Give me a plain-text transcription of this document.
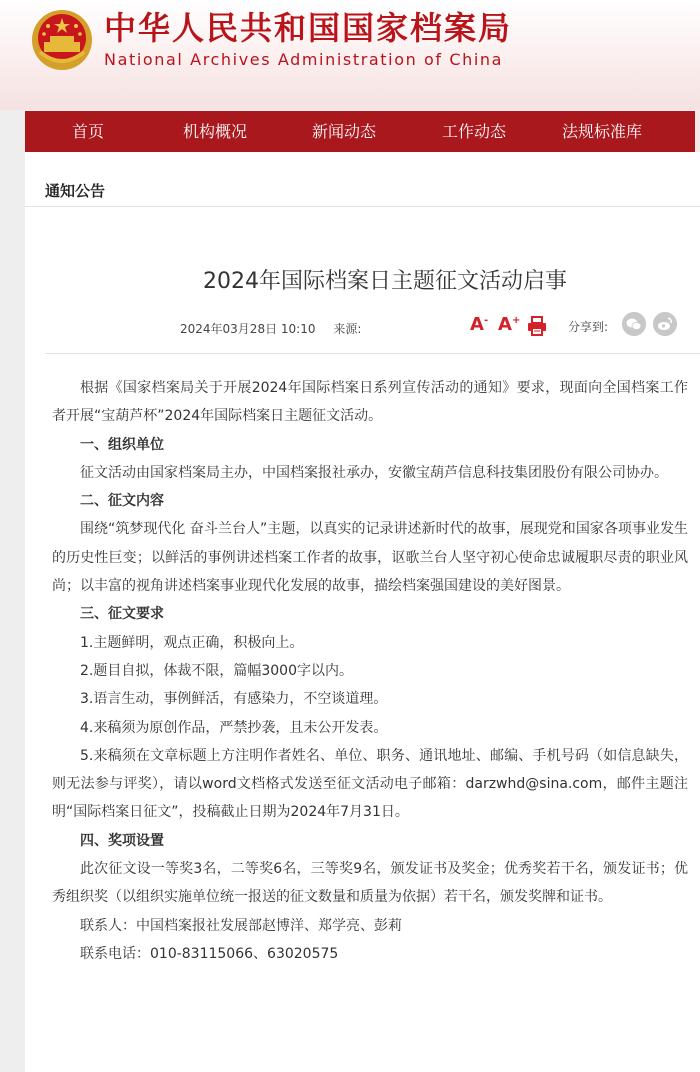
中华人民共和国国家档案局
National Archives Administration of China
首页	机构概况	新闻动态	工作动态	法规标准库
通知公告
2024年国际档案日主题征文活动启事
2024年03月28日 10:10 来源:	A- A+	分享到:

根据《国家档案局关于开展2024年国际档案日系列宣传活动的通知》要求，现面向全国档案工作者开展“宝葫芦杯”2024年国际档案日主题征文活动。

一、组织单位

征文活动由国家档案局主办，中国档案报社承办，安徽宝葫芦信息科技集团股份有限公司协办。

二、征文内容

围绕“筑梦现代化 奋斗兰台人”主题，以真实的记录讲述新时代的故事，展现党和国家各项事业发生的历史性巨变；以鲜活的事例讲述档案工作者的故事，讴歌兰台人坚守初心使命忠诚履职尽责的职业风尚；以丰富的视角讲述档案事业现代化发展的故事，描绘档案强国建设的美好图景。

三、征文要求

1.主题鲜明，观点正确，积极向上。

2.题目自拟，体裁不限，篇幅3000字以内。

3.语言生动，事例鲜活，有感染力，不空谈道理。

4.来稿须为原创作品，严禁抄袭，且未公开发表。

5.来稿须在文章标题上方注明作者姓名、单位、职务、通讯地址、邮编、手机号码（如信息缺失，则无法参与评奖），请以word文档格式发送至征文活动电子邮箱：darzwhd@sina.com，邮件主题注明“国际档案日征文”，投稿截止日期为2024年7月31日。

四、奖项设置

此次征文设一等奖3名，二等奖6名，三等奖9名，颁发证书及奖金；优秀奖若干名，颁发证书；优秀组织奖（以组织实施单位统一报送的征文数量和质量为依据）若干名，颁发奖牌和证书。

联系人：中国档案报社发展部赵博洋、郑学亮、彭莉

联系电话：010-83115066、63020575
